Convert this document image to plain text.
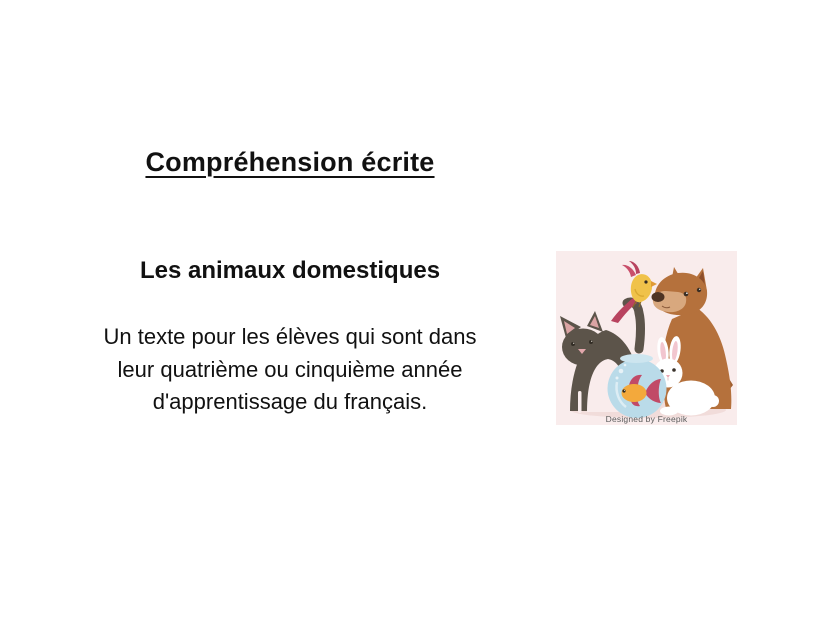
Compréhension écrite
Les animaux domestiques

Un texte pour les élèves qui sont dans
leur quatrième ou cinquième année
d'apprentissage du français.

Designed by Freepik
